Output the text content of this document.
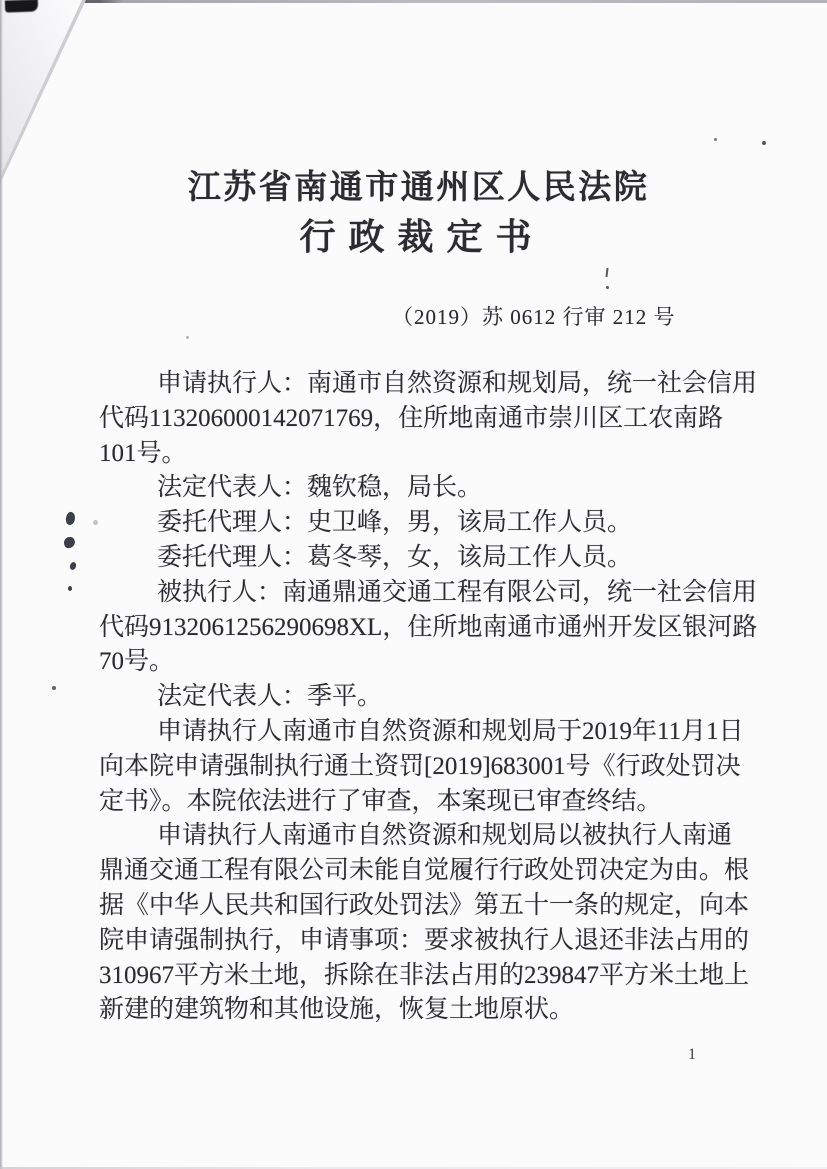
江苏省南通市通州区人民法院
行政裁定书
（2019）苏 0612 行审 212 号
申请执行人：南通市自然资源和规划局，统一社会信用
代码113206000142071769，住所地南通市崇川区工农南路
101号。
法定代表人：魏钦稳，局长。
委托代理人：史卫峰，男，该局工作人员。
委托代理人：葛冬琴，女，该局工作人员。
被执行人：南通鼎通交通工程有限公司，统一社会信用
代码9132061256290698XL，住所地南通市通州开发区银河路
70号。
法定代表人：季平。
申请执行人南通市自然资源和规划局于2019年11月1日
向本院申请强制执行通土资罚[2019]683001号《行政处罚决
定书》。本院依法进行了审查，本案现已审查终结。
申请执行人南通市自然资源和规划局以被执行人南通
鼎通交通工程有限公司未能自觉履行行政处罚决定为由。根
据《中华人民共和国行政处罚法》第五十一条的规定，向本
院申请强制执行，申请事项：要求被执行人退还非法占用的
310967平方米土地，拆除在非法占用的239847平方米土地上
新建的建筑物和其他设施，恢复土地原状。
1
